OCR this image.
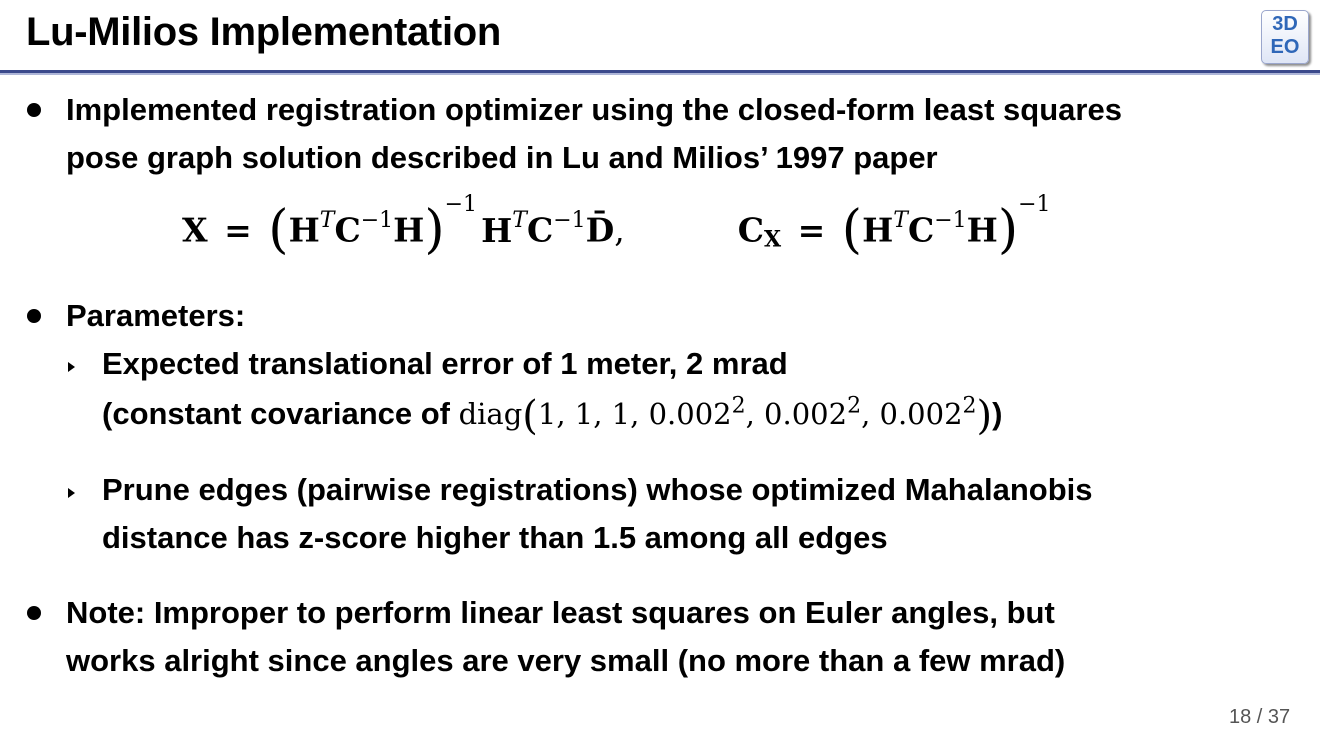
Lu-Milios Implementation	3D
EO
Implemented registration optimizer using the closed-form least squares
pose graph solution described in Lu and Milios’ 1997 paper
$X = (H^TC^{-1}H)^{-1}H^TC^{-1}D̄$,	$C_X = (H^TC^{-1}H)^{-1}$
Parameters:
Expected translational error of 1 meter, 2 mrad
(constant covariance of diag(1, 1, 1, 0.002$^2$, 0.002$^2$, 0.002$^2$))
Prune edges (pairwise registrations) whose optimized Mahalanobis
distance has z-score higher than 1.5 among all edges
Note: Improper to perform linear least squares on Euler angles, but
works alright since angles are very small (no more than a few mrad)
18 / 37
